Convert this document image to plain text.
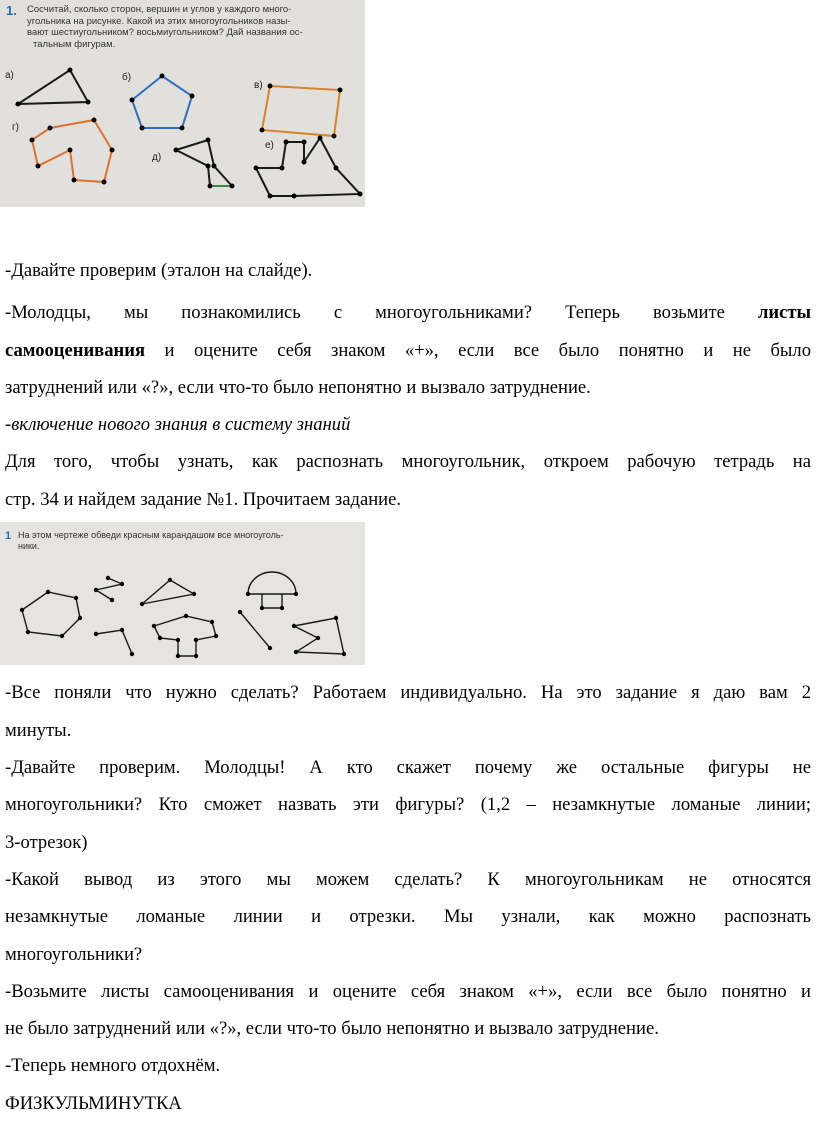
1. Сосчитай, сколько сторон, вершин и углов у каждого много-
угольника на рисунке. Какой из этих многоугольников назы-
вают шестиугольником? восьмиугольником? Дай названия ос-
тальным фигурам.
а)	б)
в)
г)
д)
е)

-Давайте проверим (эталон на слайде).

-Молодцы, мы познакомились с многоугольниками? Теперь возьмите листы

самооценивания и оцените себя знаком «+», если все было понятно и не было

затруднений или «?», если что-то было непонятно и вызвало затруднение.

-включение нового знания в систему знаний

Для того, чтобы узнать, как распознать многоугольник, откроем рабочую тетрадь на

стр. 34 и найдем задание №1. Прочитаем задание.

1 На этом чертеже обведи красным карандашом все многоуголь-
ники.

-Все поняли что нужно сделать? Работаем индивидуально. На это задание я даю вам 2

минуты.

-Давайте проверим. Молодцы! А кто скажет почему же остальные фигуры не

многоугольники? Кто сможет назвать эти фигуры? (1,2 – незамкнутые ломаные линии;

3-отрезок)

-Какой вывод из этого мы можем сделать? К многоугольникам не относятся

незамкнутые ломаные линии и отрезки. Мы узнали, как можно распознать

многоугольники?

-Возьмите листы самооценивания и оцените себя знаком «+», если все было понятно и

не было затруднений или «?», если что-то было непонятно и вызвало затруднение.

-Теперь немного отдохнём.

ФИЗКУЛЬМИНУТКА
